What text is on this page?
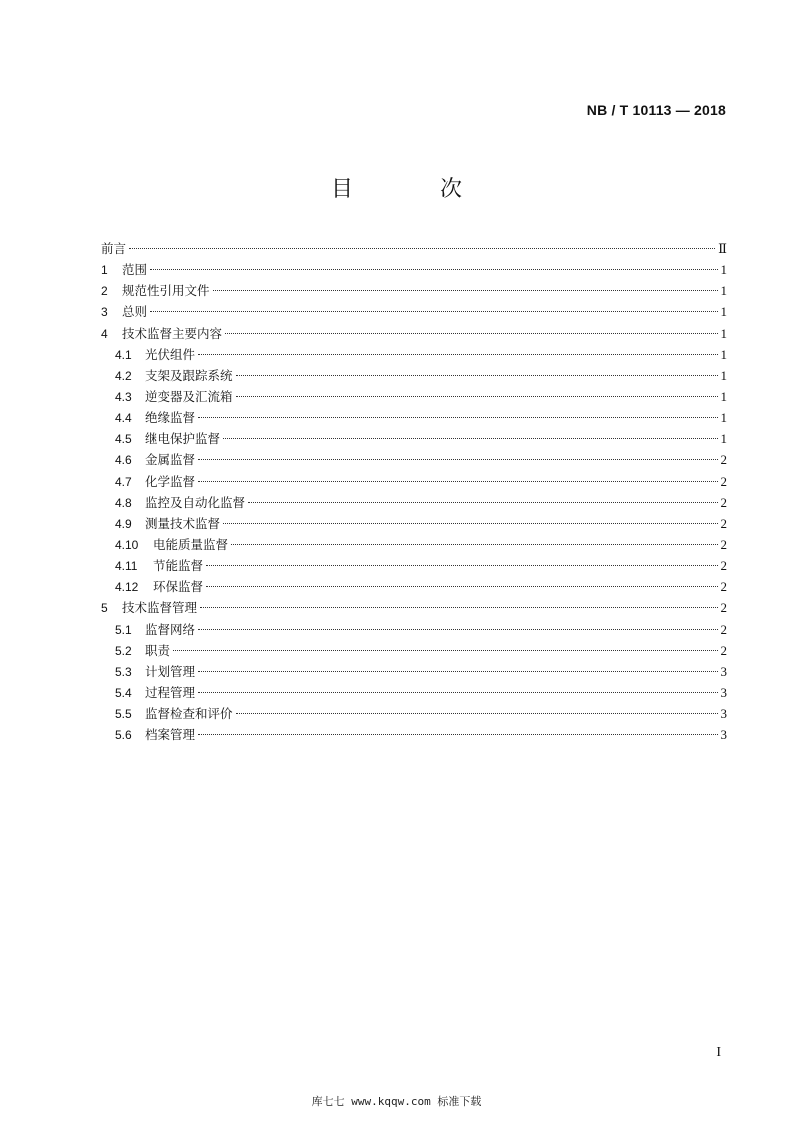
NB / T 10113 — 2018
目 次
前言	Ⅱ
1	范围	1
2	规范性引用文件	1
3	总则	1
4	技术监督主要内容	1
4.1	光伏组件	1
4.2	支架及跟踪系统	1
4.3	逆变器及汇流箱	1
4.4	绝缘监督	1
4.5	继电保护监督	1
4.6	金属监督	2
4.7	化学监督	2
4.8	监控及自动化监督	2
4.9	测量技术监督	2
4.10	电能质量监督	2
4.11	节能监督	2
4.12	环保监督	2
5	技术监督管理	2
5.1	监督网络	2
5.2	职责	2
5.3	计划管理	3
5.4	过程管理	3
5.5	监督检查和评价	3
5.6	档案管理	3
I
库七七 www.kqqw.com 标准下载
